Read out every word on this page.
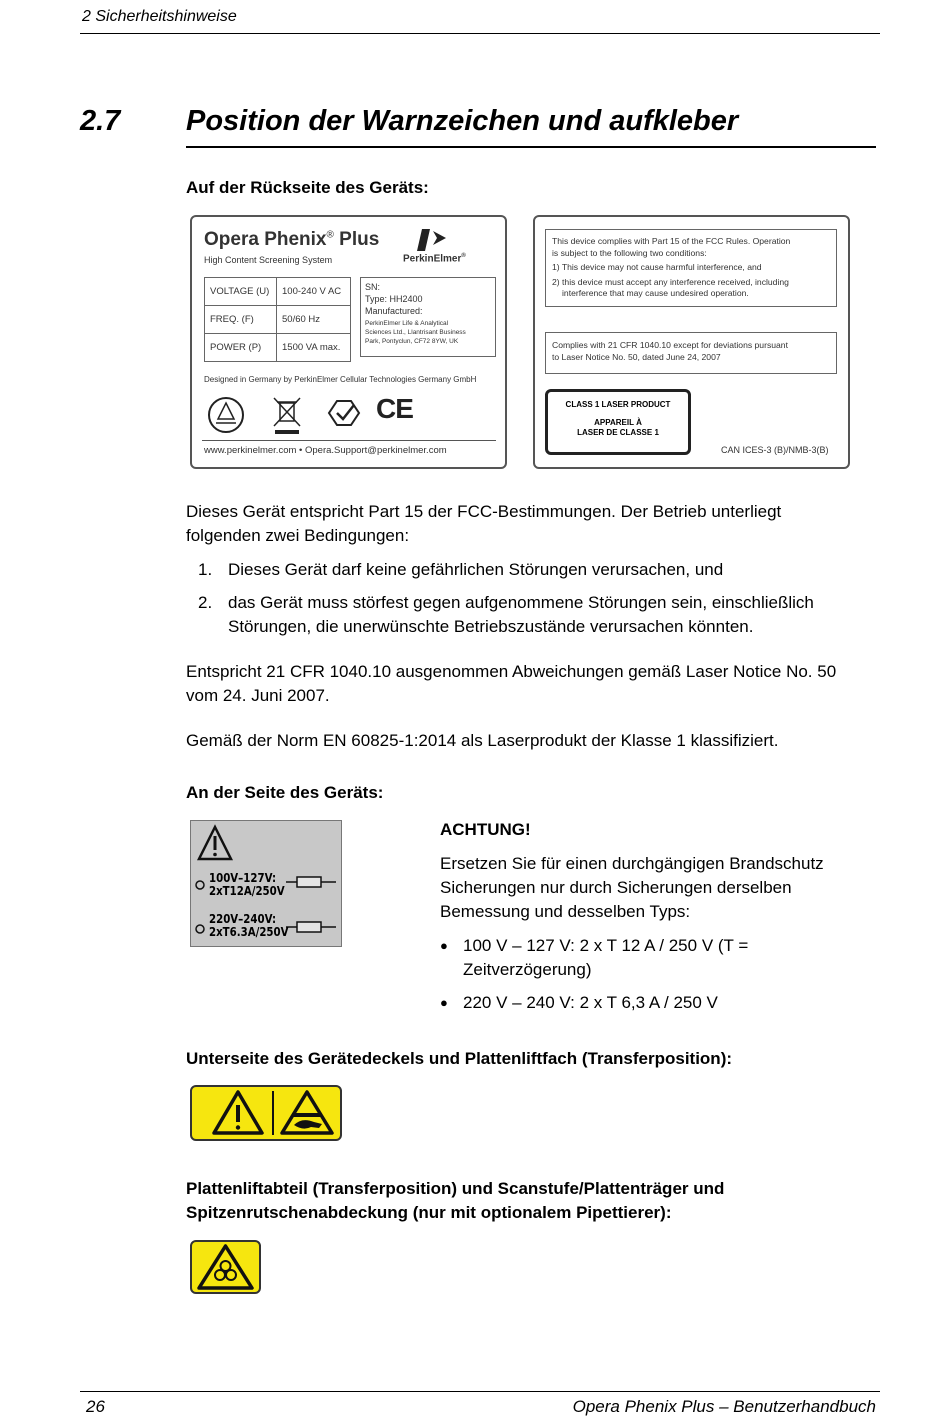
2 Sicherheitshinweise
2.7 Position der Warnzeichen und aufkleber
Auf der Rückseite des Geräts:
Opera Phenix® Plus
High Content Screening System	PerkinElmer®
VOLTAGE (U)	100-240 V AC
FREQ. (F)	50/60 Hz
POWER (P)	1500 VA max.
SN:
Type: HH2400
Manufactured:
PerkinElmer Life & Analytical
Sciences Ltd., Llantrisant Business
Park, Pontyclun, CF72 8YW, UK
Designed in Germany by PerkinElmer Cellular Technologies Germany GmbH
CE
www.perkinelmer.com • Opera.Support@perkinelmer.com
This device complies with Part 15 of the FCC Rules. Operation
is subject to the following two conditions:
1) This device may not cause harmful interference, and
2) this device must accept any interference received, including
interference that may cause undesired operation.
Complies with 21 CFR 1040.10 except for deviations pursuant
to Laser Notice No. 50, dated June 24, 2007
CLASS 1 LASER PRODUCT
APPAREIL À
LASER DE CLASSE 1
CAN ICES-3 (B)/NMB-3(B)
Dieses Gerät entspricht Part 15 der FCC-Bestimmungen. Der Betrieb unterliegt
folgenden zwei Bedingungen:
1. Dieses Gerät darf keine gefährlichen Störungen verursachen, und
2. das Gerät muss störfest gegen aufgenommene Störungen sein, einschließlich
Störungen, die unerwünschte Betriebszustände verursachen könnten.
Entspricht 21 CFR 1040.10 ausgenommen Abweichungen gemäß Laser Notice No. 50
vom 24. Juni 2007.
Gemäß der Norm EN 60825-1:2014 als Laserprodukt der Klasse 1 klassifiziert.
An der Seite des Geräts:
100V–127V:
2xT12A/250V
220V–240V:
2xT6.3A/250V
ACHTUNG!
Ersetzen Sie für einen durchgängigen Brandschutz
Sicherungen nur durch Sicherungen derselben
Bemessung und desselben Typs:
● 100 V – 127 V: 2 x T 12 A / 250 V (T =
Zeitverzögerung)
● 220 V – 240 V: 2 x T 6,3 A / 250 V
Unterseite des Gerätedeckels und Plattenliftfach (Transferposition):
Plattenliftabteil (Transferposition) und Scanstufe/Plattenträger und
Spitzenrutschenabdeckung (nur mit optionalem Pipettierer):
26	Opera Phenix Plus – Benutzerhandbuch
